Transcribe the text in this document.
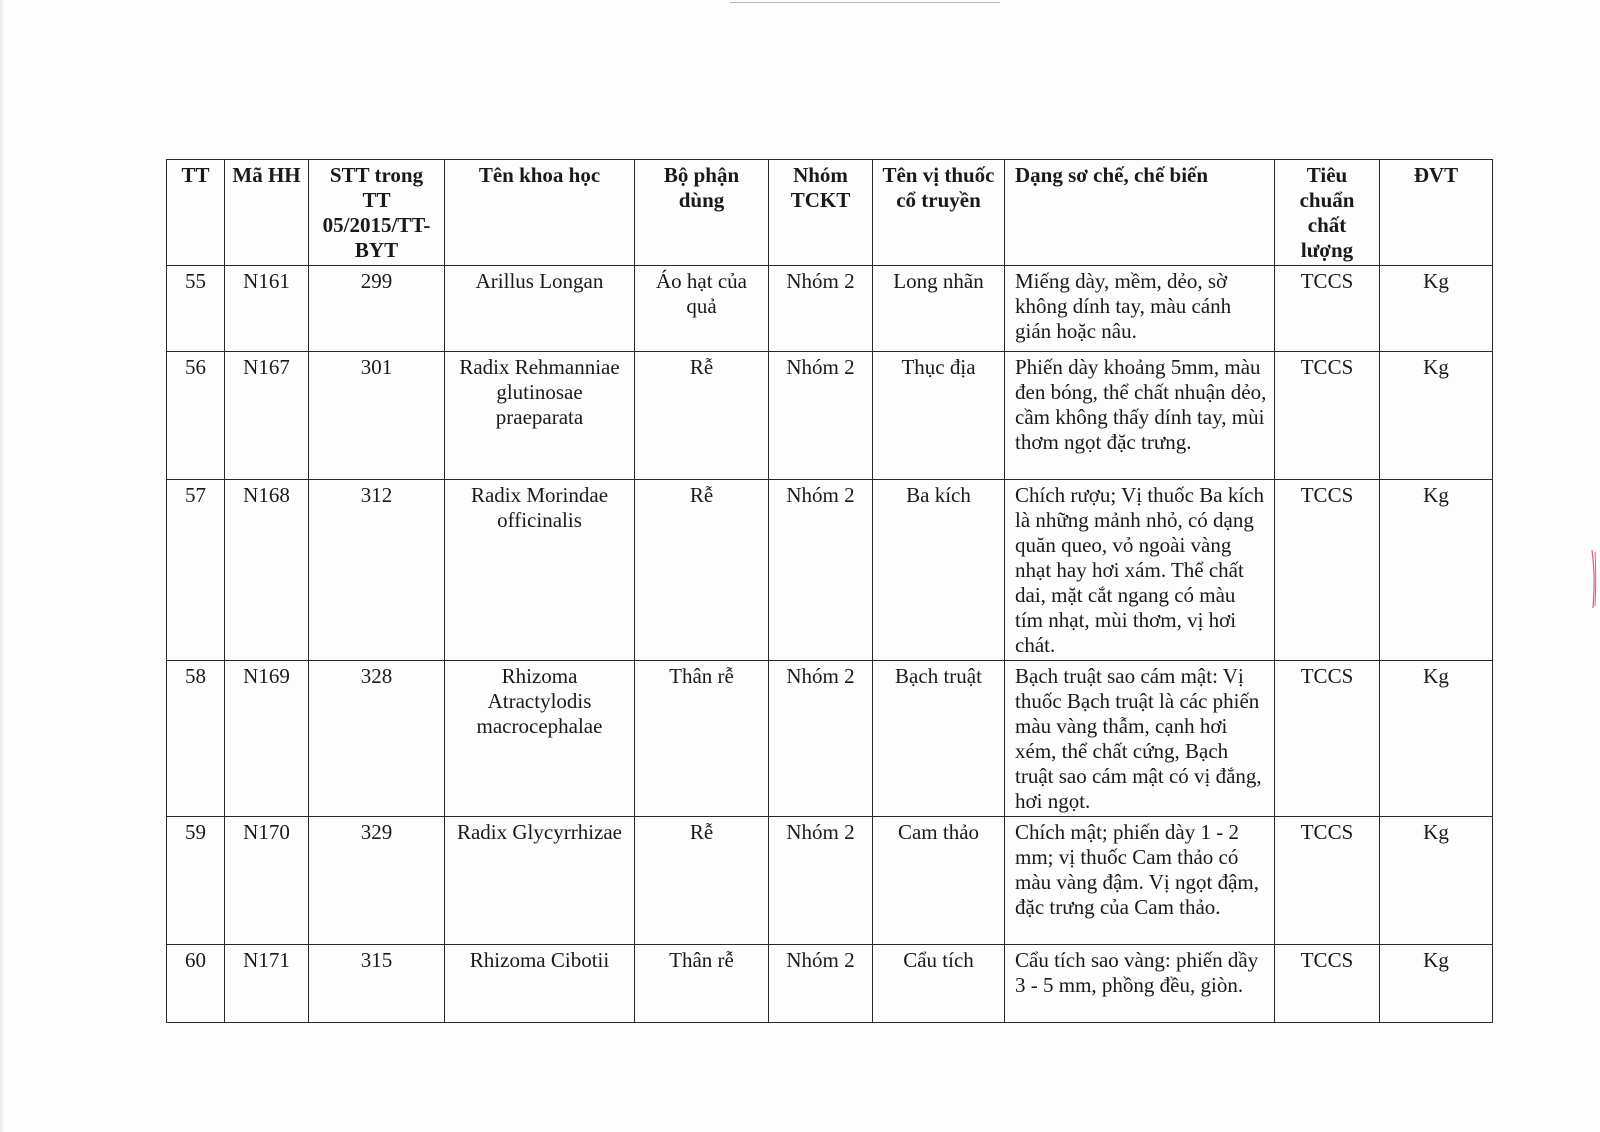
TT	Mã HH	STT trong TT 05/2015/TT-BYT	Tên khoa học	Bộ phận dùng	Nhóm TCKT	Tên vị thuốc cổ truyền	Dạng sơ chế, chế biến	Tiêu chuẩn chất lượng	ĐVT
55	N161	299	Arillus Longan	Áo hạt của quả	Nhóm 2	Long nhãn	Miếng dày, mềm, dẻo, sờ không dính tay, màu cánh gián hoặc nâu.	TCCS	Kg
56	N167	301	Radix Rehmanniae glutinosae praeparata	Rễ	Nhóm 2	Thục địa	Phiến dày khoảng 5mm, màu đen bóng, thể chất nhuận dẻo, cầm không thấy dính tay, mùi thơm ngọt đặc trưng.	TCCS	Kg
57	N168	312	Radix Morindae officinalis	Rễ	Nhóm 2	Ba kích	Chích rượu; Vị thuốc Ba kích là những mảnh nhỏ, có dạng quăn queo, vỏ ngoài vàng nhạt hay hơi xám. Thể chất dai, mặt cắt ngang có màu tím nhạt, mùi thơm, vị hơi chát.	TCCS	Kg
58	N169	328	Rhizoma Atractylodis macrocephalae	Thân rễ	Nhóm 2	Bạch truật	Bạch truật sao cám mật: Vị thuốc Bạch truật là các phiến màu vàng thẫm, cạnh hơi xém, thể chất cứng, Bạch truật sao cám mật có vị đắng, hơi ngọt.	TCCS	Kg
59	N170	329	Radix Glycyrrhizae	Rễ	Nhóm 2	Cam thảo	Chích mật; phiến dày 1 - 2 mm; vị thuốc Cam thảo có màu vàng đậm. Vị ngọt đậm, đặc trưng của Cam thảo.	TCCS	Kg
60	N171	315	Rhizoma Cibotii	Thân rễ	Nhóm 2	Cẩu tích	Cẩu tích sao vàng: phiến dầy 3 - 5 mm, phồng đều, giòn.	TCCS	Kg
